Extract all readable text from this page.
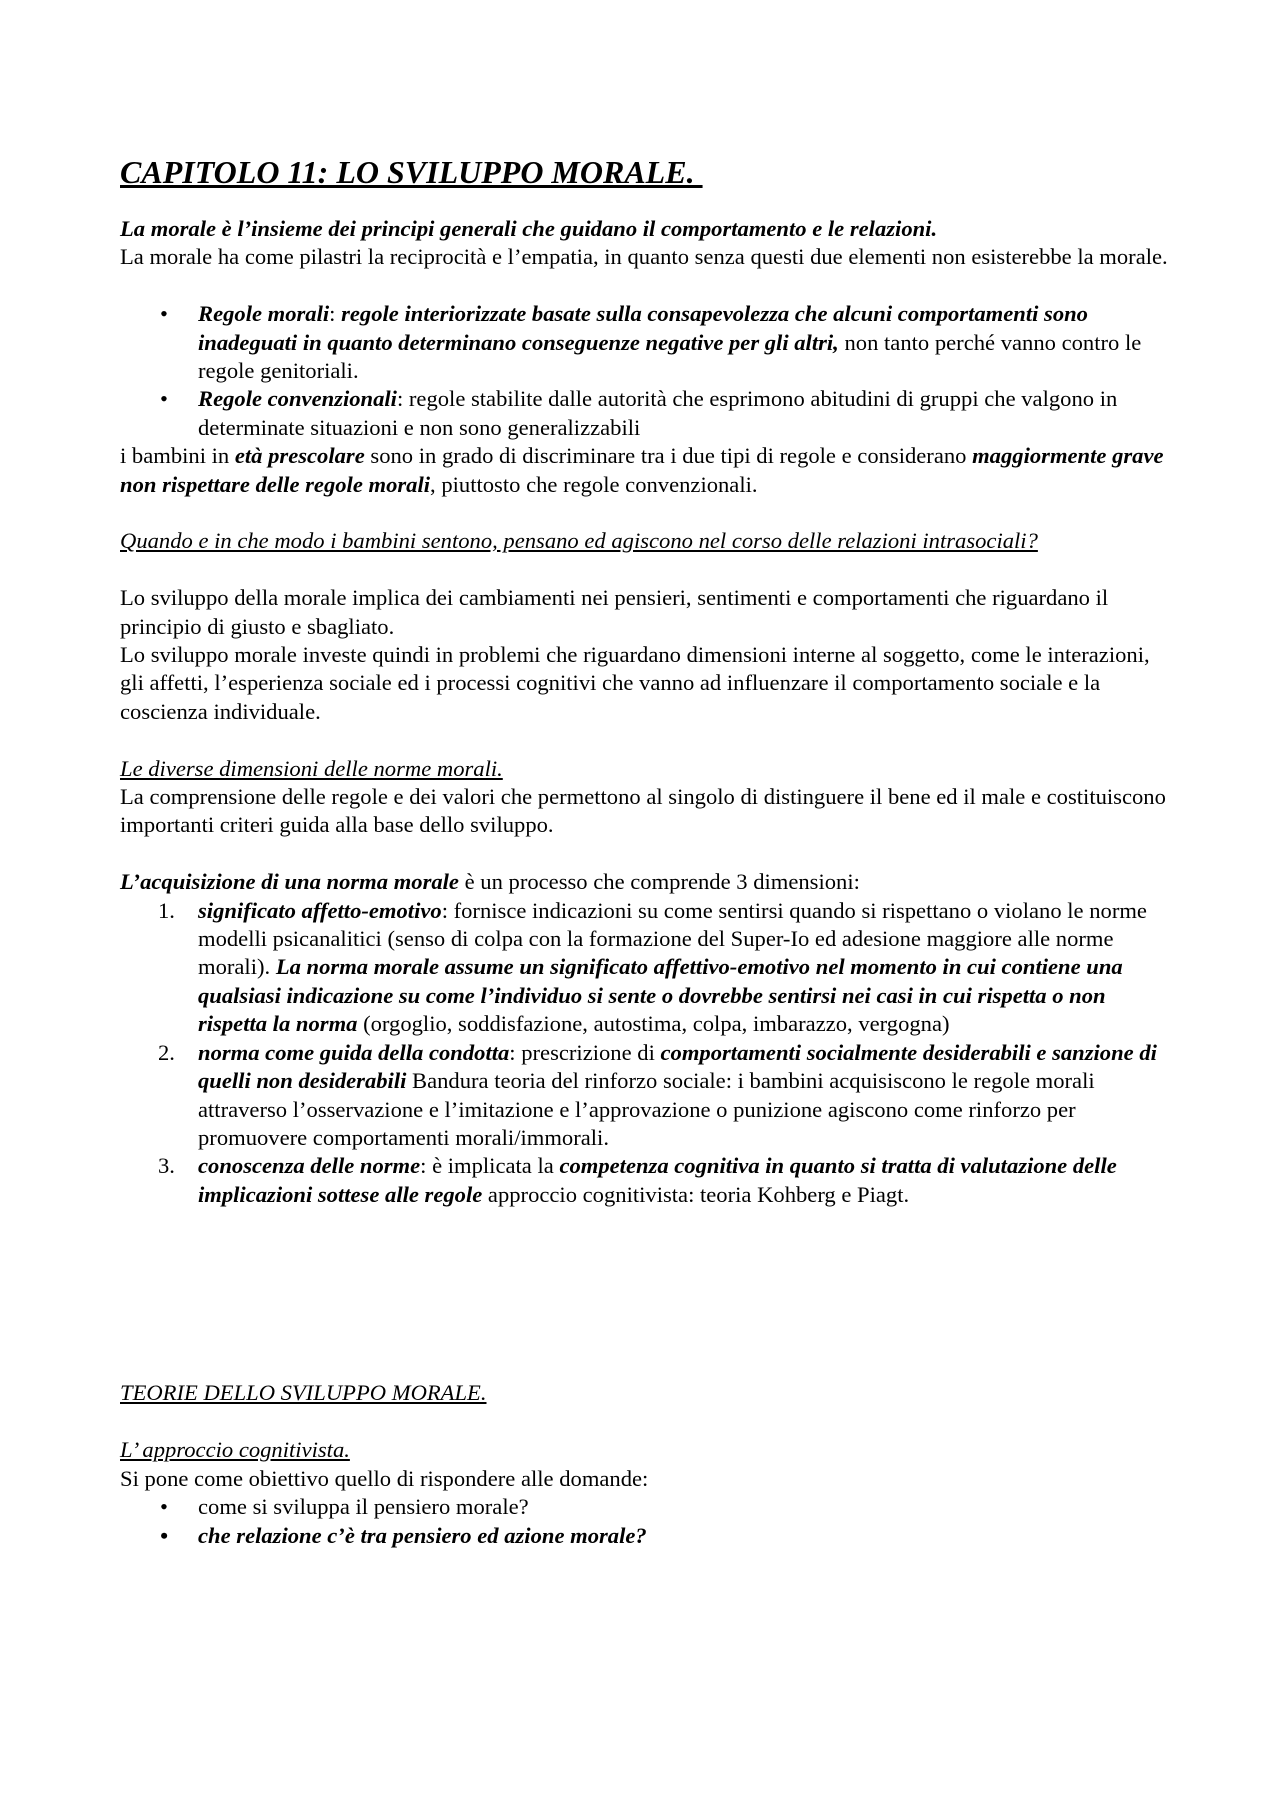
CAPITOLO 11: LO SVILUPPO MORALE.

La morale è l’insieme dei principi generali che guidano il comportamento e le relazioni.

La morale ha come pilastri la reciprocità e l’empatia, in quanto senza questi due elementi non esisterebbe la morale.

• Regole morali: regole interiorizzate basate sulla consapevolezza che alcuni comportamenti sono inadeguati in quanto determinano conseguenze negative per gli altri, non tanto perché vanno contro le regole genitoriali.
• Regole convenzionali: regole stabilite dalle autorità che esprimono abitudini di gruppi che valgono in determinate situazioni e non sono generalizzabili

i bambini in età prescolare sono in grado di discriminare tra i due tipi di regole e considerano maggiormente grave non rispettare delle regole morali, piuttosto che regole convenzionali.

Quando e in che modo i bambini sentono, pensano ed agiscono nel corso delle relazioni intrasociali?

Lo sviluppo della morale implica dei cambiamenti nei pensieri, sentimenti e comportamenti che riguardano il principio di giusto e sbagliato.

Lo sviluppo morale investe quindi in problemi che riguardano dimensioni interne al soggetto, come le interazioni, gli affetti, l’esperienza sociale ed i processi cognitivi che vanno ad influenzare il comportamento sociale e la coscienza individuale.

Le diverse dimensioni delle norme morali.

La comprensione delle regole e dei valori che permettono al singolo di distinguere il bene ed il male e costituiscono importanti criteri guida alla base dello sviluppo.

L’acquisizione di una norma morale è un processo che comprende 3 dimensioni:

1. significato affetto-emotivo: fornisce indicazioni su come sentirsi quando si rispettano o violano le norme modelli psicanalitici (senso di colpa con la formazione del Super-Io ed adesione maggiore alle norme morali). La norma morale assume un significato affettivo-emotivo nel momento in cui contiene una qualsiasi indicazione su come l’individuo si sente o dovrebbe sentirsi nei casi in cui rispetta o non rispetta la norma (orgoglio, soddisfazione, autostima, colpa, imbarazzo, vergogna)
2. norma come guida della condotta: prescrizione di comportamenti socialmente desiderabili e sanzione di quelli non desiderabili Bandura teoria del rinforzo sociale: i bambini acquisiscono le regole morali attraverso l’osservazione e l’imitazione e l’approvazione o punizione agiscono come rinforzo per promuovere comportamenti morali/immorali.
3. conoscenza delle norme: è implicata la competenza cognitiva in quanto si tratta di valutazione delle implicazioni sottese alle regole approccio cognitivista: teoria Kohberg e Piagt.

TEORIE DELLO SVILUPPO MORALE.

L’ approccio cognitivista.

Si pone come obiettivo quello di rispondere alle domande:

• come si sviluppa il pensiero morale?
• che relazione c’è tra pensiero ed azione morale?
